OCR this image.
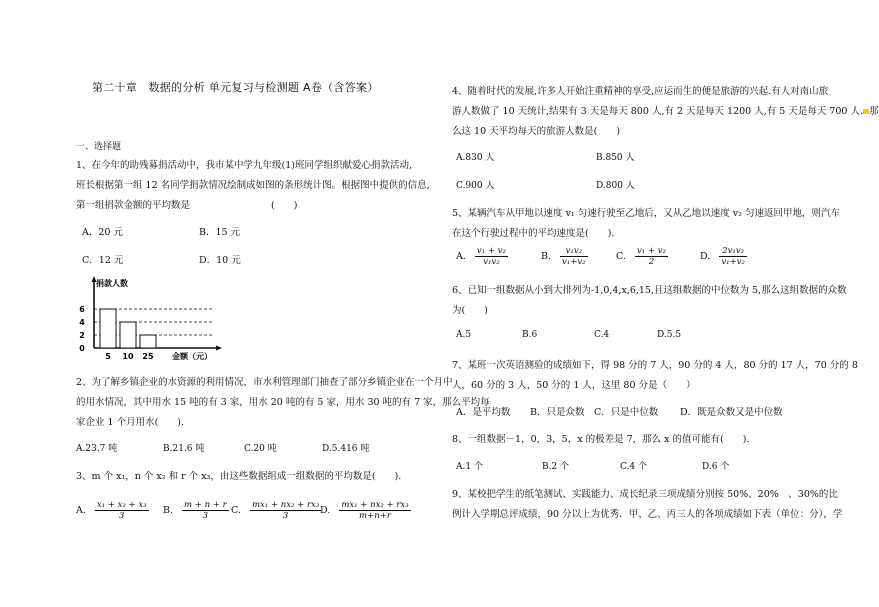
第二十章　数据的分析 单元复习与检测题 A卷（含答案）
一、选择题
1、在今年的助残募捐活动中，我市某中学九年级(1)班同学组织献爱心捐款活动,
班长根据第一组 12 名同学捐款情况绘制成如图的条形统计图。根据图中提供的信息,
第一组捐款金额的平均数是	(　　)
A．20 元	B．15 元
C．12 元	D．10 元
捐款人数
金额（元）
0
2
4
6
5 10 25
2、为了解乡镇企业的水资源的利用情况，市水利管理部门抽查了部分乡镇企业在一个月中
的用水情况，其中用水 15 吨的有 3 家，用水 20 吨的有 5 家，用水 30 吨的有 7 家，那么平均每
家企业 1 个月用水(　　).
A.23.7 吨	B.21.6 吨	C.20 吨	D.5.416 吨
3、m 个 x₁，n 个 x₂ 和 r 个 x₃，由这些数据组成一组数据的平均数是(　　).
A. $\frac{\text{x₁ + x₂ + x₃}}{3} B$. $\frac{m + n + r}{3} C$. $\frac{\text{mx₁ + nx₂ + rx₃}}{3}$
D. $\frac{\text{mx₁ + nx₂ + rx₃}}{m+n+r}$
4、随着时代的发展,许多人开始注重精神的享受,应运而生的便是旅游的兴起.有人对南山旅
游人数做了 10 天统计,结果有 3 天是每天 800 人,有 2 天是每天 1200 人,有 5 天是每天 700 人. 那
么这 10 天平均每天的旅游人数是(　　)
A.830 人	B.850 人
C.900 人	D.800 人
5、某辆汽车从甲地以速度 v₁ 匀速行驶至乙地后，又从乙地以速度 v₂ 匀速返回甲地，则汽车
在这个行驶过程中的平均速度是(　　).
A. $\frac{\text{v₁ + v₂}}{\text{v₁v₂}}$	B. $\frac{\text{v₁v₂}}{\text{v₁+v₂}}$	C. $\frac{\text{v₁ + v₂}}{2}$	D. $\frac{\text{2v₁v₂}}{\text{v₁+v₂}}$
6、已知一组数据从小到大排列为-1,0,4,x,6,15,且这组数据的中位数为 5,那么这组数据的众数
为(　　)
A.5	B.6	C.4	D.5.5
7、某班一次英语测验的成绩如下，得 98 分的 7 人，90 分的 4 人，80 分的 17 人，70 分的 8
人，60 分的 3 人，50 分的 1 人，这里 80 分是（　　）
A．是平均数 B．只是众数 C．只是中位数 D．既是众数又是中位数
8、一组数据－1，0，3，5，x 的极差是 7，那么 x 的值可能有(　　).
A.1 个	B.2 个	C.4 个	D.6 个
9、某校把学生的纸笔测试、实践能力、成长纪录三项成绩分别按 50%、20%　、30%的比
例计入学期总评成绩，90 分以上为优秀．甲、乙、丙三人的各项成绩如下表（单位：分），学
